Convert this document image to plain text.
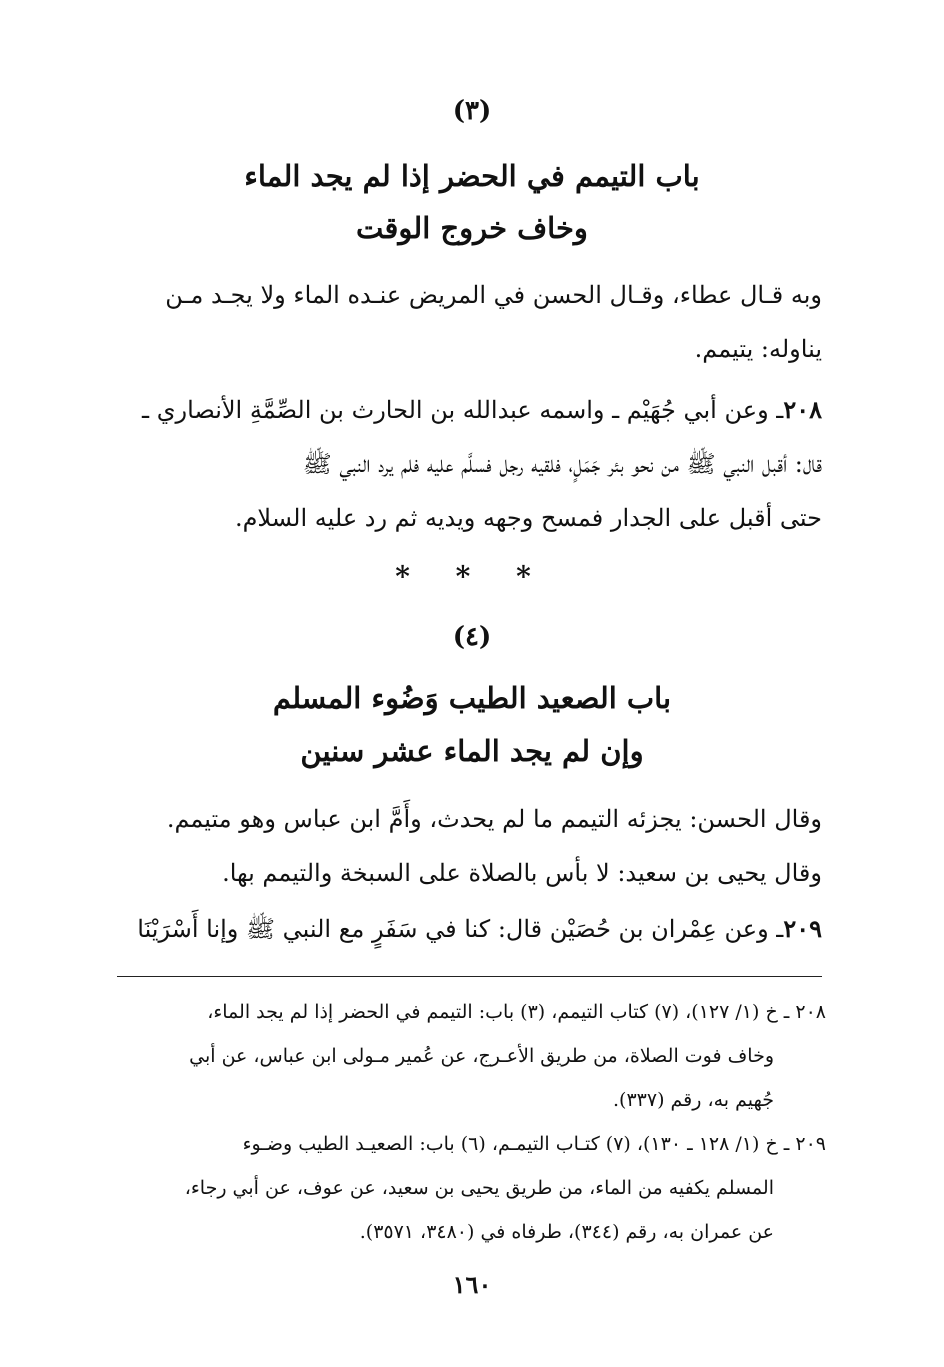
(٣)
باب التيمم في الحضر إذا لم يجد الماء
وخاف خروج الوقت
وبه قـال عطاء، وقـال الحسن في المريض عنـده الماء ولا يجـد مـن
يناوله: يتيمم.
٢٠٨ـ وعن أبي جُهَيْم ـ واسمه عبدالله بن الحارث بن الصِّمَّةِ الأنصاري ـ
قال: أقبل النبي ﷺ من نحو بئر جَمَلٍ، فلقيه رجل فسلَّم عليه فلم يرد النبي ﷺ
حتى أقبل على الجدار فمسح وجهه ويديه ثم رد عليه السلام.
* * *
(٤)
باب الصعيد الطيب وَضُوء المسلم
وإن لم يجد الماء عشر سنين
وقال الحسن: يجزئه التيمم ما لم يحدث، وأَمَّ ابن عباس وهو متيمم.
وقال يحيى بن سعيد: لا بأس بالصلاة على السبخة والتيمم بها.
٢٠٩ـ وعن عِمْران بن حُصَيْن قال: كنا في سَفَرٍ مع النبي ﷺ وإنا أَسْرَيْنَا
٢٠٨ ـ خ (١/ ١٢٧)، (٧) كتاب التيمم، (٣) باب: التيمم في الحضر إذا لم يجد الماء،
وخاف فوت الصلاة، من طريق الأعـرج، عن عُمير مـولى ابن عباس، عن أبي
جُهيم به، رقم (٣٣٧).
٢٠٩ ـ خ (١/ ١٢٨ ـ ١٣٠)، (٧) كتـاب التيمـم، (٦) باب: الصعيـد الطيب وضـوء
المسلم يكفيه من الماء، من طريق يحيى بن سعيد، عن عوف، عن أبي رجاء،
عن عمران به، رقم (٣٤٤)، طرفاه في (٣٤٨٠، ٣٥٧١).
١٦٠
